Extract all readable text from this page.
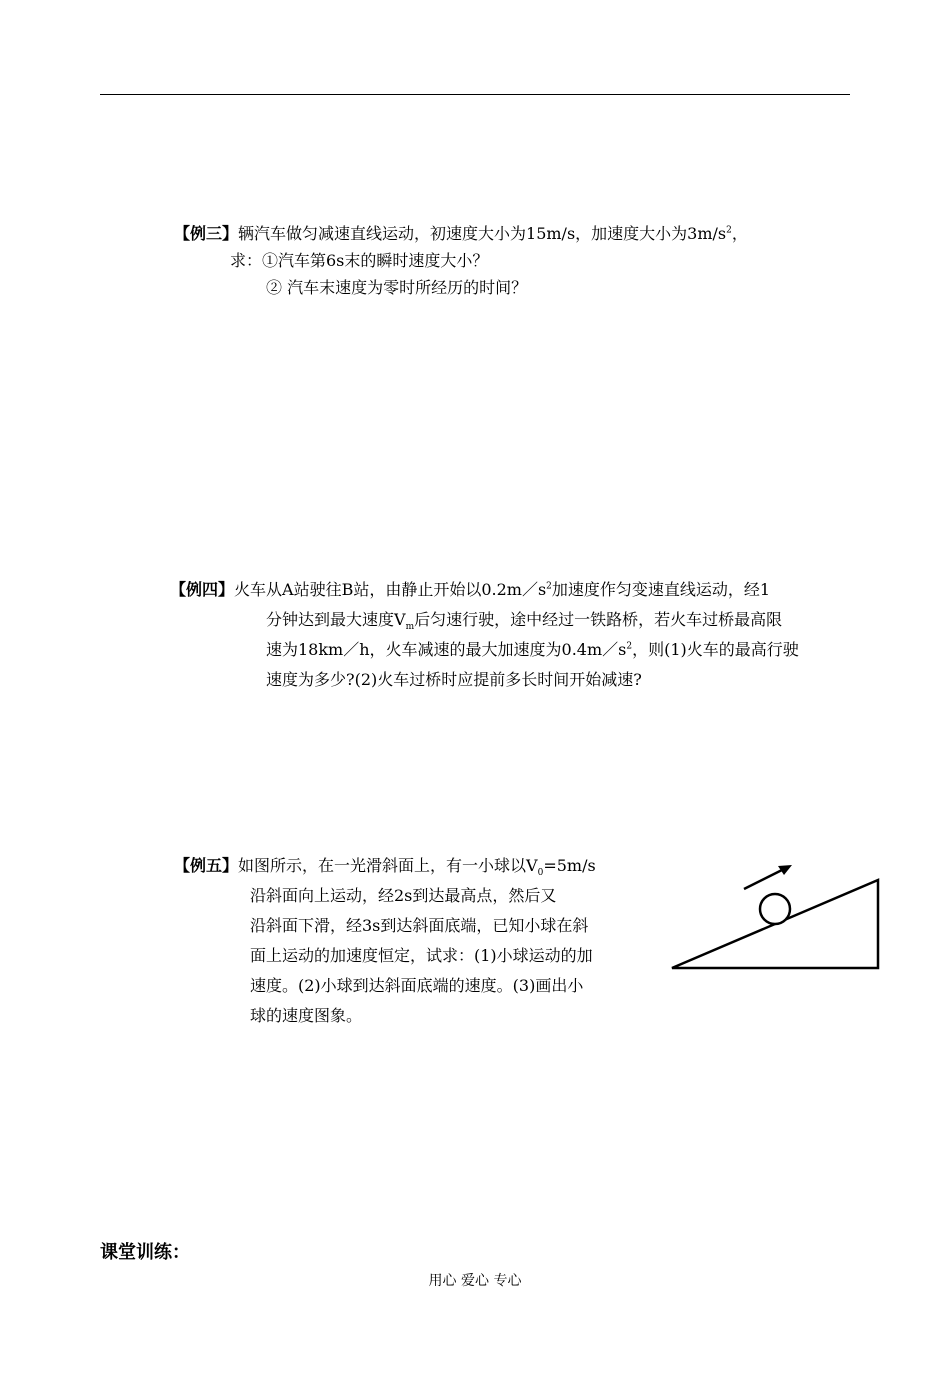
【例三】辆汽车做匀减速直线运动，初速度大小为15m/s，加速度大小为$3m/s^2$，
求：①汽车第6s末的瞬时速度大小？
② 汽车末速度为零时所经历的时间？
【例四】火车从A站驶往B站，由静止开始以$0.2m/s^2$加速度作匀变速直线运动，经1
分钟达到最大速度$V_m$后匀速行驶，途中经过一铁路桥，若火车过桥最高限
速为18km／h，火车减速的最大加速度为$0.4m/s^2$，则(1)火车的最高行驶
速度为多少?(2)火车过桥时应提前多长时间开始减速?
【例五】如图所示，在一光滑斜面上，有一小球以$V_0=5m/s$
沿斜面向上运动，经2s到达最高点，然后又
沿斜面下滑，经3s到达斜面底端，已知小球在斜
面上运动的加速度恒定，试求：(1)小球运动的加
速度。(2)小球到达斜面底端的速度。(3)画出小
球的速度图象。
课堂训练：
用心 爱心 专心
